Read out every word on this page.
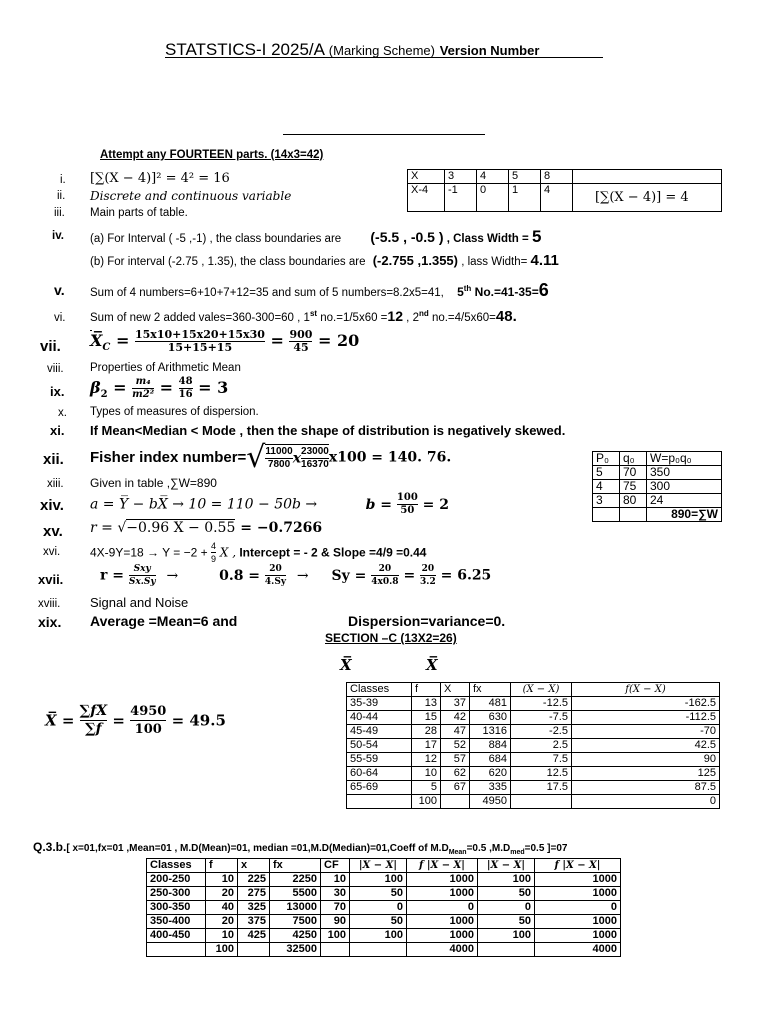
STATSTICS-I 2025/A (Marking Scheme) Version Number
Attempt any FOURTEEN parts. (14x3=42)
i. [∑(X − 4)]² = 4² = 16
ii. Discrete and continuous variable
iii. Main parts of table.
X	3	4	5	8	
X-4	-1	0	1	4	[∑(X − 4)] = 4
iv. (a) For Interval ( -5 ,-1) , the class boundaries are (-5.5 , -0.5 ) , Class Width = 5
(b) For interval (-2.75 , 1.35), the class boundaries are (-2.755 ,1.355) , lass Width= 4.11
v. Sum of 4 numbers=6+10+7+12=35 and sum of 5 numbers=8.2x5=41, 5th No.=41-35=6
vi. Sum of new 2 added vales=360-300=60 , 1st no.=1/5x60 =12 , 2nd no.=4/5x60=48.
vii. $X̅_C = \frac{15x10+15x20+15x30}{15+15+15} = \frac{900}{45} = 20$
viii. Properties of Arithmetic Mean
ix. $\beta_2 = \frac{\text{m₄}}{\text{m2²}} = \frac{48}{16} = 3$
x. Types of measures of dispersion.
xi. If Mean<Median < Mode , then the shape of distribution is negatively skewed.
xii. Fisher index number=√ $\frac{11000}{7800}$ x $\frac{23000}{16370} x100 = 140$. 76.	P₀	q₀	W=p₀q₀
5	70	350
4	75	300
3	80	24
		890=∑W
xiii. Given in table ,∑W=890
xiv. a = Y̅ − bX̅ → 10 = 110 − 50b →	$b = \frac{100}{50} = 2$
xv. r = √−0.96 X − 0.55 = −0.7266
xvi. $4X-9Y=18 \to Y = -2 + \frac{4}{9}$ X , Intercept = - 2 & Slope =4/9 =0.44
xvii.	$r = \frac{\text{Sxy}}{Sx.Sy}$ →	$0.8 = \frac{20}{4.Sy} \to Sy = \frac{20}{4x0.8} = \frac{20}{3.2} = 6.25$
xviii. Signal and Noise
xix. Average =Mean=6 and	Dispersion=variance=0.
SECTION –C (13X2=26)
X̅	X̅
X̅ = $\frac{\sum fX}{\sum f} = \frac{4950}{100} = 49.5$
Classes	f	X	fx	(X − X̅)	f(X − X̅)
35-39	13	37	481	-12.5	-162.5
40-44	15	42	630	-7.5	-112.5
45-49	28	47	1316	-2.5	-70
50-54	17	52	884	2.5	42.5
55-59	12	57	684	7.5	90
60-64	10	62	620	12.5	125
65-69	5	67	335	17.5	87.5
	100		4950		0
Q.3.b.[ x=01,fx=01 ,Mean=01 , M.D(Mean)=01, median =01,M.D(Median)=01,Coeff of $M.D_{Mean}=0.5$ $,M.D_{med}=0.5$ ]=07
Classes	f	x	fx	CF	|X − X̅|	f |X − X̅|	|X − X̅|	f |X − X̅|
200-250	10	225	2250	10	100	1000	100	1000
250-300	20	275	5500	30	50	1000	50	1000
300-350	40	325	13000	70	0	0	0	0
350-400	20	375	7500	90	50	1000	50	1000
400-450	10	425	4250	100	100	1000	100	1000
	100		32500			4000		4000
